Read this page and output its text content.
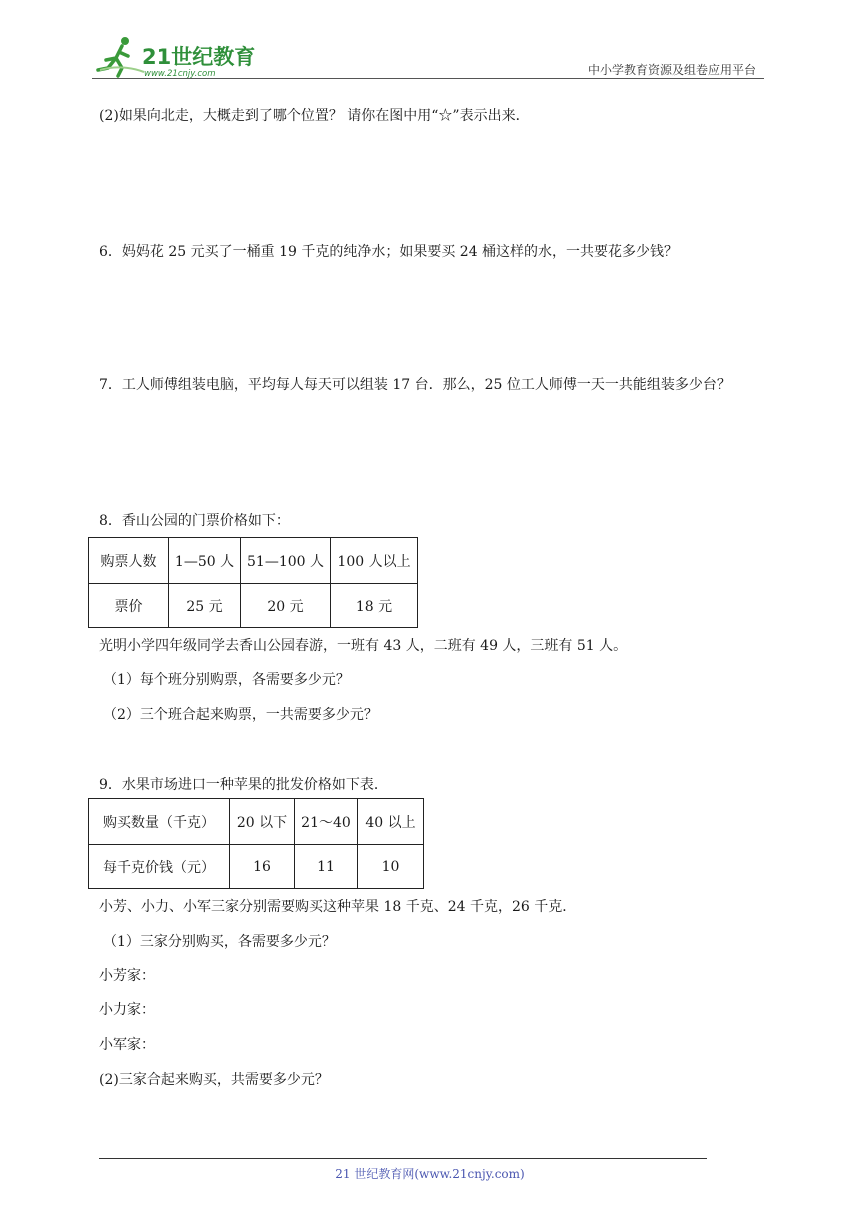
21世纪教育
www.21cnjy.com	中小学教育资源及组卷应用平台
(2)如果向北走，大概走到了哪个位置？ 请你在图中用“☆”表示出来．
6．妈妈花 25 元买了一桶重 19 千克的纯净水；如果要买 24 桶这样的水，一共要花多少钱？
7．工人师傅组装电脑，平均每人每天可以组装 17 台．那么，25 位工人师傅一天一共能组装多少台？
8．香山公园的门票价格如下：
购票人数	1—50 人	51—100 人	100 人以上
票价	25 元	20 元	18 元
光明小学四年级同学去香山公园春游，一班有 43 人，二班有 49 人，三班有 51 人。
（1）每个班分别购票，各需要多少元？
（2）三个班合起来购票，一共需要多少元？
9．水果市场进口一种苹果的批发价格如下表．
购买数量（千克）	20 以下	21～40	40 以上
每千克价钱（元）	16	11	10
小芳、小力、小军三家分别需要购买这种苹果 18 千克、24 千克，26 千克．
（1）三家分别购买，各需要多少元？
小芳家：
小力家：
小军家：
(2)三家合起来购买，共需要多少元？
21 世纪教育网(www.21cnjy.com)
